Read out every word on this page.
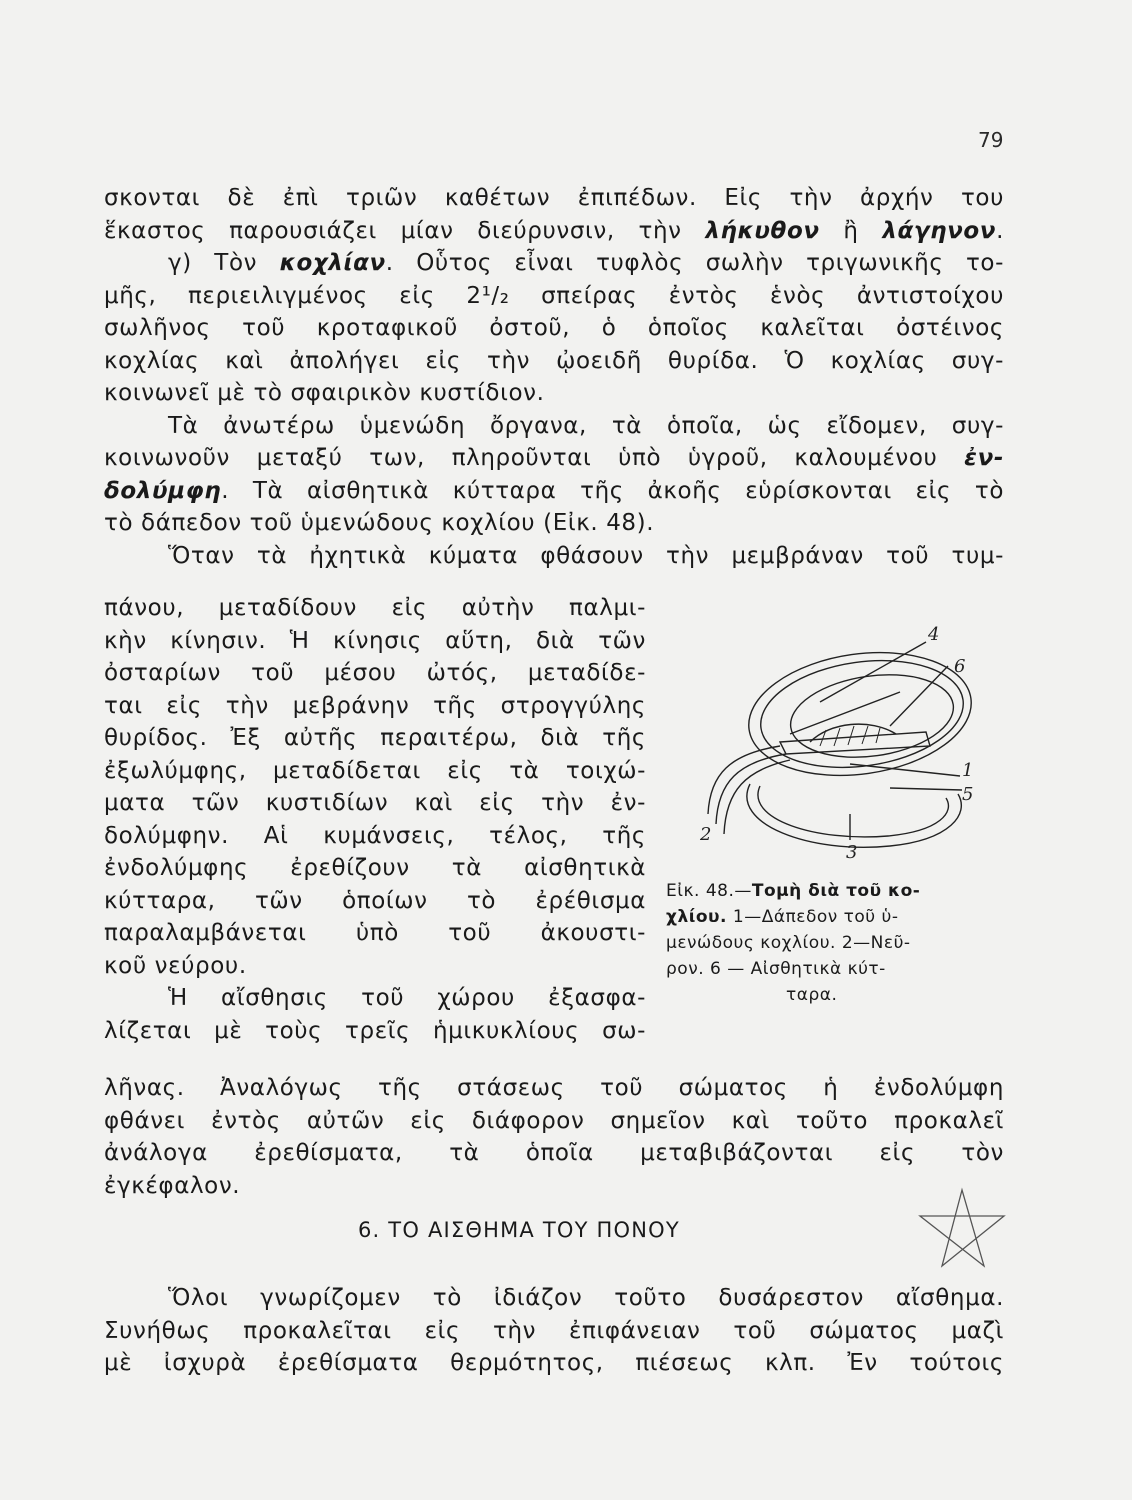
79
σκονται δὲ ἐπὶ τριῶν καθέτων ἐπιπέδων. Εἰς τὴν ἀρχήν του
ἕκαστος παρουσιάζει μίαν διεύρυνσιν, τὴν λήκυθον ἢ λάγηνον.
γ) Τὸν κοχλίαν. Οὗτος εἶναι τυφλὸς σωλὴν τριγωνικῆς το-
μῆς, περιειλιγμένος εἰς 2¹/₂ σπείρας ἐντὸς ἑνὸς ἀντιστοίχου
σωλῆνος τοῦ κροταφικοῦ ὀστοῦ, ὁ ὁποῖος καλεῖται ὀστέινος
κοχλίας καὶ ἀπολήγει εἰς τὴν ᾠοειδῆ θυρίδα. Ὁ κοχλίας συγ-
κοινωνεῖ μὲ τὸ σφαιρικὸν κυστίδιον.
Τὰ ἀνωτέρω ὑμενώδη ὄργανα, τὰ ὁποῖα, ὡς εἴδομεν, συγ-
κοινωνοῦν μεταξύ των, πληροῦνται ὑπὸ ὑγροῦ, καλουμένου ἐν-
δολύμφη. Τὰ αἰσθητικὰ κύτταρα τῆς ἀκοῆς εὑρίσκονται εἰς τὸ
τὸ δάπεδον τοῦ ὑμενώδους κοχλίου (Εἰκ. 48).
Ὅταν τὰ ἠχητικὰ κύματα φθάσουν τὴν μεμβράναν τοῦ τυμ-
πάνου, μεταδίδουν εἰς αὐτὴν παλμι-
κὴν κίνησιν. Ἡ κίνησις αὕτη, διὰ τῶν
ὀσταρίων τοῦ μέσου ὠτός, μεταδίδε-
ται εἰς τὴν μεβράνην τῆς στρογγύλης
θυρίδος. Ἐξ αὐτῆς περαιτέρω, διὰ τῆς
ἐξωλύμφης, μεταδίδεται εἰς τὰ τοιχώ-
ματα τῶν κυστιδίων καὶ εἰς τὴν ἐν-
δολύμφην. Αἱ κυμάνσεις, τέλος, τῆς
ἐνδολύμφης ἐρεθίζουν τὰ αἰσθητικὰ
κύτταρα, τῶν ὁποίων τὸ ἐρέθισμα
παραλαμβάνεται ὑπὸ τοῦ ἀκουστι-
κοῦ νεύρου.
Ἡ αἴσθησις τοῦ χώρου ἐξασφα-
λίζεται μὲ τοὺς τρεῖς ἡμικυκλίους σω-
4
6
1
5
2
3
Εἰκ. 48.—Τομὴ διὰ τοῦ κο-
χλίου. 1—Δάπεδον τοῦ ὑ-
μενώδους κοχλίου. 2—Νεῦ-
ρον. 6 — Αἰσθητικὰ κύτ-
ταρα.
λῆνας. Ἀναλόγως τῆς στάσεως τοῦ σώματος ἡ ἐνδολύμφη
φθάνει ἐντὸς αὐτῶν εἰς διάφορον σημεῖον καὶ τοῦτο προκαλεῖ
ἀνάλογα ἐρεθίσματα, τὰ ὁποῖα μεταβιβάζονται εἰς τὸν
ἐγκέφαλον.
6. ΤΟ ΑΙΣΘΗΜΑ ΤΟΥ ΠΟΝΟΥ
Ὅλοι γνωρίζομεν τὸ ἰδιάζον τοῦτο δυσάρεστον αἴσθημα.
Συνήθως προκαλεῖται εἰς τὴν ἐπιφάνειαν τοῦ σώματος μαζὶ
μὲ ἰσχυρὰ ἐρεθίσματα θερμότητος, πιέσεως κλπ. Ἐν τούτοις
